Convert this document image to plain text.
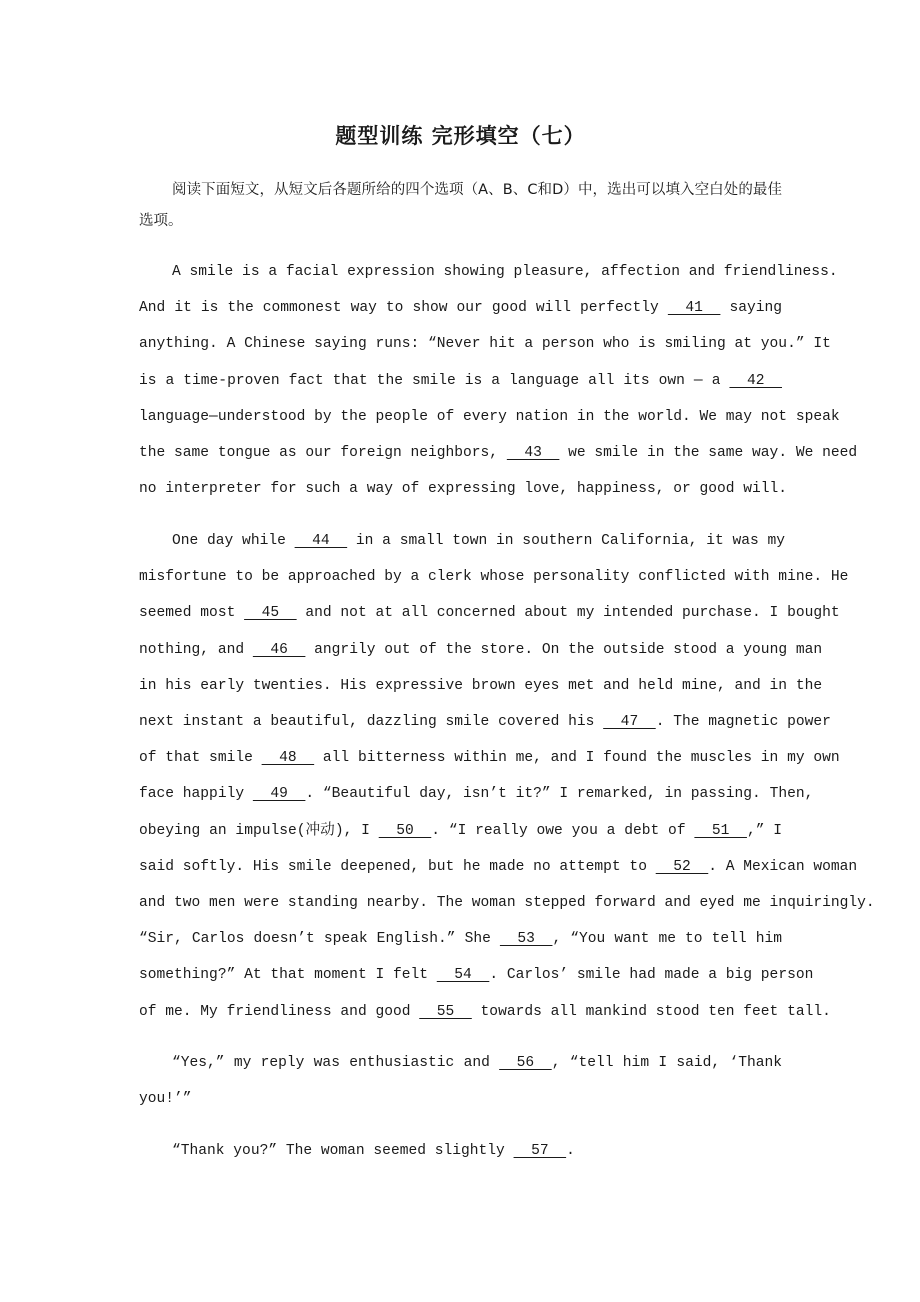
题型训练 完形填空（七）
阅读下面短文，从短文后各题所给的四个选项（A、B、C和D）中，选出可以填入空白处的最佳选项。
A smile is a facial expression showing pleasure, affection and friendliness.
And it is the commonest way to show our good will perfectly   41   saying
anything. A Chinese saying runs: “Never hit a person who is smiling at you.” It
is a time-proven fact that the smile is a language all its own — a   42
language—understood by the people of every nation in the world. We may not speak
the same tongue as our foreign neighbors,   43   we smile in the same way. We need
no interpreter for such a way of expressing love, happiness, or good will.
One day while   44   in a small town in southern California, it was my
misfortune to be approached by a clerk whose personality conflicted with mine. He
seemed most   45   and not at all concerned about my intended purchase. I bought
nothing, and   46   angrily out of the store. On the outside stood a young man
in his early twenties. His expressive brown eyes met and held mine, and in the
next instant a beautiful, dazzling smile covered his   47  . The magnetic power
of that smile   48   all bitterness within me, and I found the muscles in my own
face happily   49  . “Beautiful day, isn’t it?” I remarked, in passing. Then,
obeying an impulse(冲动), I   50  . “I really owe you a debt of   51  ,” I
said softly. His smile deepened, but he made no attempt to   52  . A Mexican woman
and two men were standing nearby. The woman stepped forward and eyed me inquiringly.
“Sir, Carlos doesn’t speak English.” She   53  , “You want me to tell him
something?” At that moment I felt   54  . Carlos’ smile had made a big person
of me. My friendliness and good   55   towards all mankind stood ten feet tall.
“Yes,” my reply was enthusiastic and   56  , “tell him I said, ‘Thank
you!’”
“Thank you?” The woman seemed slightly   57  .
